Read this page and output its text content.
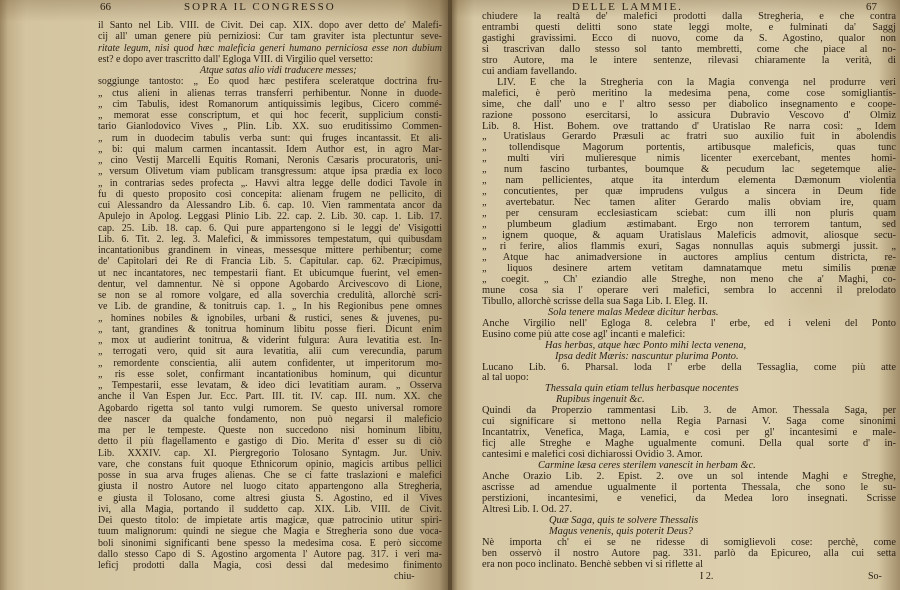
66	SOPRA IL CONGRESSO
il Santo nel Lib. VIII. de Civit. Dei cap. XIX. dopo aver detto de' Malefi-
cij all' uman genere più perniziosi: Cur tam graviter ista plectuntur seve-
ritate legum, nisi quod hæc maleficia generi humano perniciosa esse non dubium
est? e dopo aver trascritto dall' Egloga VIII. di Virgilio quel versetto:
Atque satas alio vidi traducere messes;
soggiunge tantosto: „ Eo quod hæc pestifera sceleratque doctrina fru-
„ ctus alieni in alienas terras transferri perhibentur. Nonne in duode-
„ cim Tabulis, idest Romanorum antiquissimis legibus, Cicero commé-
„ memorat esse conscriptum, et qui hoc fecerit, supplicium consti-
tario Gianlodovico Vives „ Plin. Lib. XX. suo eruditissimo Commen-
„ rum in duodecim tabulis verba sunt: qui fruges incantassit. Et ali-
„ bi: qui malum carmen incantassit. Idem Author est, in agro Mar-
„ cino Vestij Marcelli Equitis Romani, Neronis Cæsaris procuratoris, uni-
„ versum Olivetum viam publicam transgressum: atque ipsa prædia ex loco
„ in contrarias sedes profecta „. Havvi altra legge delle dodici Tavole in
fu di questo proposito così concepita: alienam frugem ne pellicito, di
cui Alessandro da Alessandro Lib. 6. cap. 10. Vien rammentata ancor da
Apulejo in Apolog. Leggasi Plinio Lib. 22. cap. 2. Lib. 30. cap. 1. Lib. 17.
cap. 25. Lib. 18. cap. 6. Qui pure appartengono si le leggi de' Visigotti
Lib. 6. Tit. 2. leg. 3. Malefici, & immissores tempestatum, qui quibusdam
incantationibus grandinem in vineas, messesque mittere perhibentur; come
de' Capitolari dei Re di Francia Lib. 5. Capitular. cap. 62. Præcipimus,
ut nec incantatores, nec tempestarii fiant. Et ubicumque fuerint, vel emen-
dentur, vel damnentur. Nè si oppone Agobardo Arcivescovo di Lione,
se non se al romore volgare, ed alla soverchia credulità, allorchè scri-
ve Lib. de grandine, & tonitruis cap. 1. „ In his Regionibus pene omnes
„ homines nobiles & ignobiles, urbani & rustici, senes & juvenes, pu-
„ tant, grandines & tonitrua hominum libitu posse fieri. Dicunt enim
„ mox ut audierint tonitrua, & viderint fulgura: Aura levatitia est. In-
„ terrogati vero, quid sit aura levatitia, alii cum verecundia, parum
„ remordente conscientia, alii autem confidenter, ut imperitorum mo-
„ ris esse solet, confirmant incantationibus hominum, qui dicuntur
„ Tempestarii, esse levatam, & ideo dici levatitiam auram. „ Osserva
anche il Van Espen Jur. Ecc. Part. III. tit. IV. cap. III. num. XX. che
Agobardo rigetta sol tanto vulgi rumorem. Se questo universal romore
dee nascer da qualche fondamento, non può negarsi il maleficio
ma per le tempeste. Queste non succedono nisi hominum libitu,
detto il più flagellamento e gastigo di Dio. Merita d' esser su di ciò
Lib. XXXIV. cap. XI. Piergregorio Tolosano Syntagm. Jur. Univ.
vare, che constans fuit quoque Ethnicorum opinio, magicis artibus pellici
posse in sua arva fruges alienas. Che se ci fatte traslazioni e malefici
giusta il nostro Autore nel luogo citato appartengono alla Stregheria,
e giusta il Tolosano, come altresì giusta S. Agostino, ed il Vives
ivi, alla Magia, portando il suddetto cap. XIX. Lib. VIII. de Civit.
Dei questo titolo: de impietate artis magicæ, quæ patrocinio utitur spiri-
tuum malignorum: quindi ne siegue che Magia e Stregheria sono due voca-
boli sinonimi significanti bene spesso la medesima cosa. E però siccome
dallo stesso Capo di S. Agostino argomenta l' Autore pag. 317. i veri ma-
leficj prodotti dalla Magia, così dessi dal medesimo finimento
chiu-
DELLE LAMMIE.	67
chiudere la realtà de' malefici prodotti dalla Stregheria, e che contra
entrambi questi delitti sono state leggi molte, e fulminati da' Saggj
gastighi gravissimi. Ecco di nuovo, come da S. Agostino, qualor non
si trascrivan dallo stesso sol tanto membretti, come che piace al no-
stro Autore, ma le intere sentenze, rilevasi chiaramente la verità, di
cui andiam favellando.
LIV. E che la Stregheria con la Magia convenga nel produrre veri
malefici, è però meritino la medesima pena, come cose somigliantis-
sime, che dall' uno e l' altro sesso per diabolico insegnamento e coope-
razione possono esercitarsi, lo assicura Dubravio Vescovo d' Olmiz
Lib. 8. Hist. Bohem. ove trattando d' Uratislao Re narra così: „ Idem
„ Uratislaus Gerardo Præsuli ac fratri suo auxilio fuit in abolendis
„ tollendisque Magorum portentis, artibusque maleficis, quas tunc
„ multi viri mulieresque nimis licenter exercebant, mentes homi-
„ num fascino turbantes, boumque & pecudum lac segetemque alie-
„ nam pellicientes, atque ita interdum elementa Dæmonum violentia
„ concutientes, per quæ imprudens vulgus a sincera in Deum fide
„ avertebatur. Nec tamen aliter Gerardo malis obviam ire, quam
„ per censuram ecclesiasticam sciebat: cum illi non pluris quam
„ plumbeum gladium æstimabant. Ergo non terrorem tantum, sed
„ ignem quoque, & aquam Uratislaus Maleficis admovit, aliosque secu-
„ ri ferire, alios flammis exuri, Sagas nonnullas aquis submergi jussit. „
„ Atque hac animadversione in auctores amplius centum districta, re-
„ liquos desinere artem vetitam damnatamque metu similis pœnæ
„ coegit. „ Ch' eziandio alle Streghe, non meno che a' Maghi, co-
mune cosa sia l' operare veri malefici, sembra lo accenni il prelodato
Tibullo, allorchè scrisse della sua Saga Lib. I. Eleg. II.
Sola tenere malas Medeæ dicitur herbas.
Anche Virgilio nell' Egloga 8. celebra l' erbe, ed i veleni del Ponto
Eusino come più atte cose agl' incanti e malefici:
Has herbas, atque hæc Ponto mihi lecta venena,
Ipsa dedit Mæris: nascuntur plurima Ponto.
Lucano Lib. 6. Pharsal. loda l' erbe della Tessaglia, come più atte
al tal uopo:
Thessala quin etiam tellus herbasque nocentes
Rupibus ingenuit &c.
Quindi da Properzio rammentasi Lib. 3. de Amor. Thessala Saga, per
cui significare si mettono nella Regia Parnasi V. Saga come sinonimi
Incantatrix, Venefica, Maga, Lamia, e così per gl' incantesimi e male-
ficj alle Streghe e Maghe ugualmente comuni. Della qual sorte d' in-
cantesimi e malefici così dichiarossi Ovidio 3. Amor.
Carmine læsa ceres sterilem vanescit in herbam &c.
Anche Orazio Lib. 2. Epist. 2. ove un sol intende Maghi e Streghe,
ascrisse ad amendue ugualmente il portenta Thessala, che sono le su-
perstizioni, incantesimi, e venefici, da Medea loro insegnati. Scrisse
Altresì Lib. I. Od. 27.
Quæ Saga, quis te solvere Thessalis
Magus venenis, quis poterit Deus?
Nè importa ch' ei se ne ridesse di somiglievoli cose: perchè, come
ben osservò il nostro Autore pag. 331. parlò da Epicureo, alla cui setta
era non poco inclinato. Benchè sebben vi si riflette al
I 2.	So-
